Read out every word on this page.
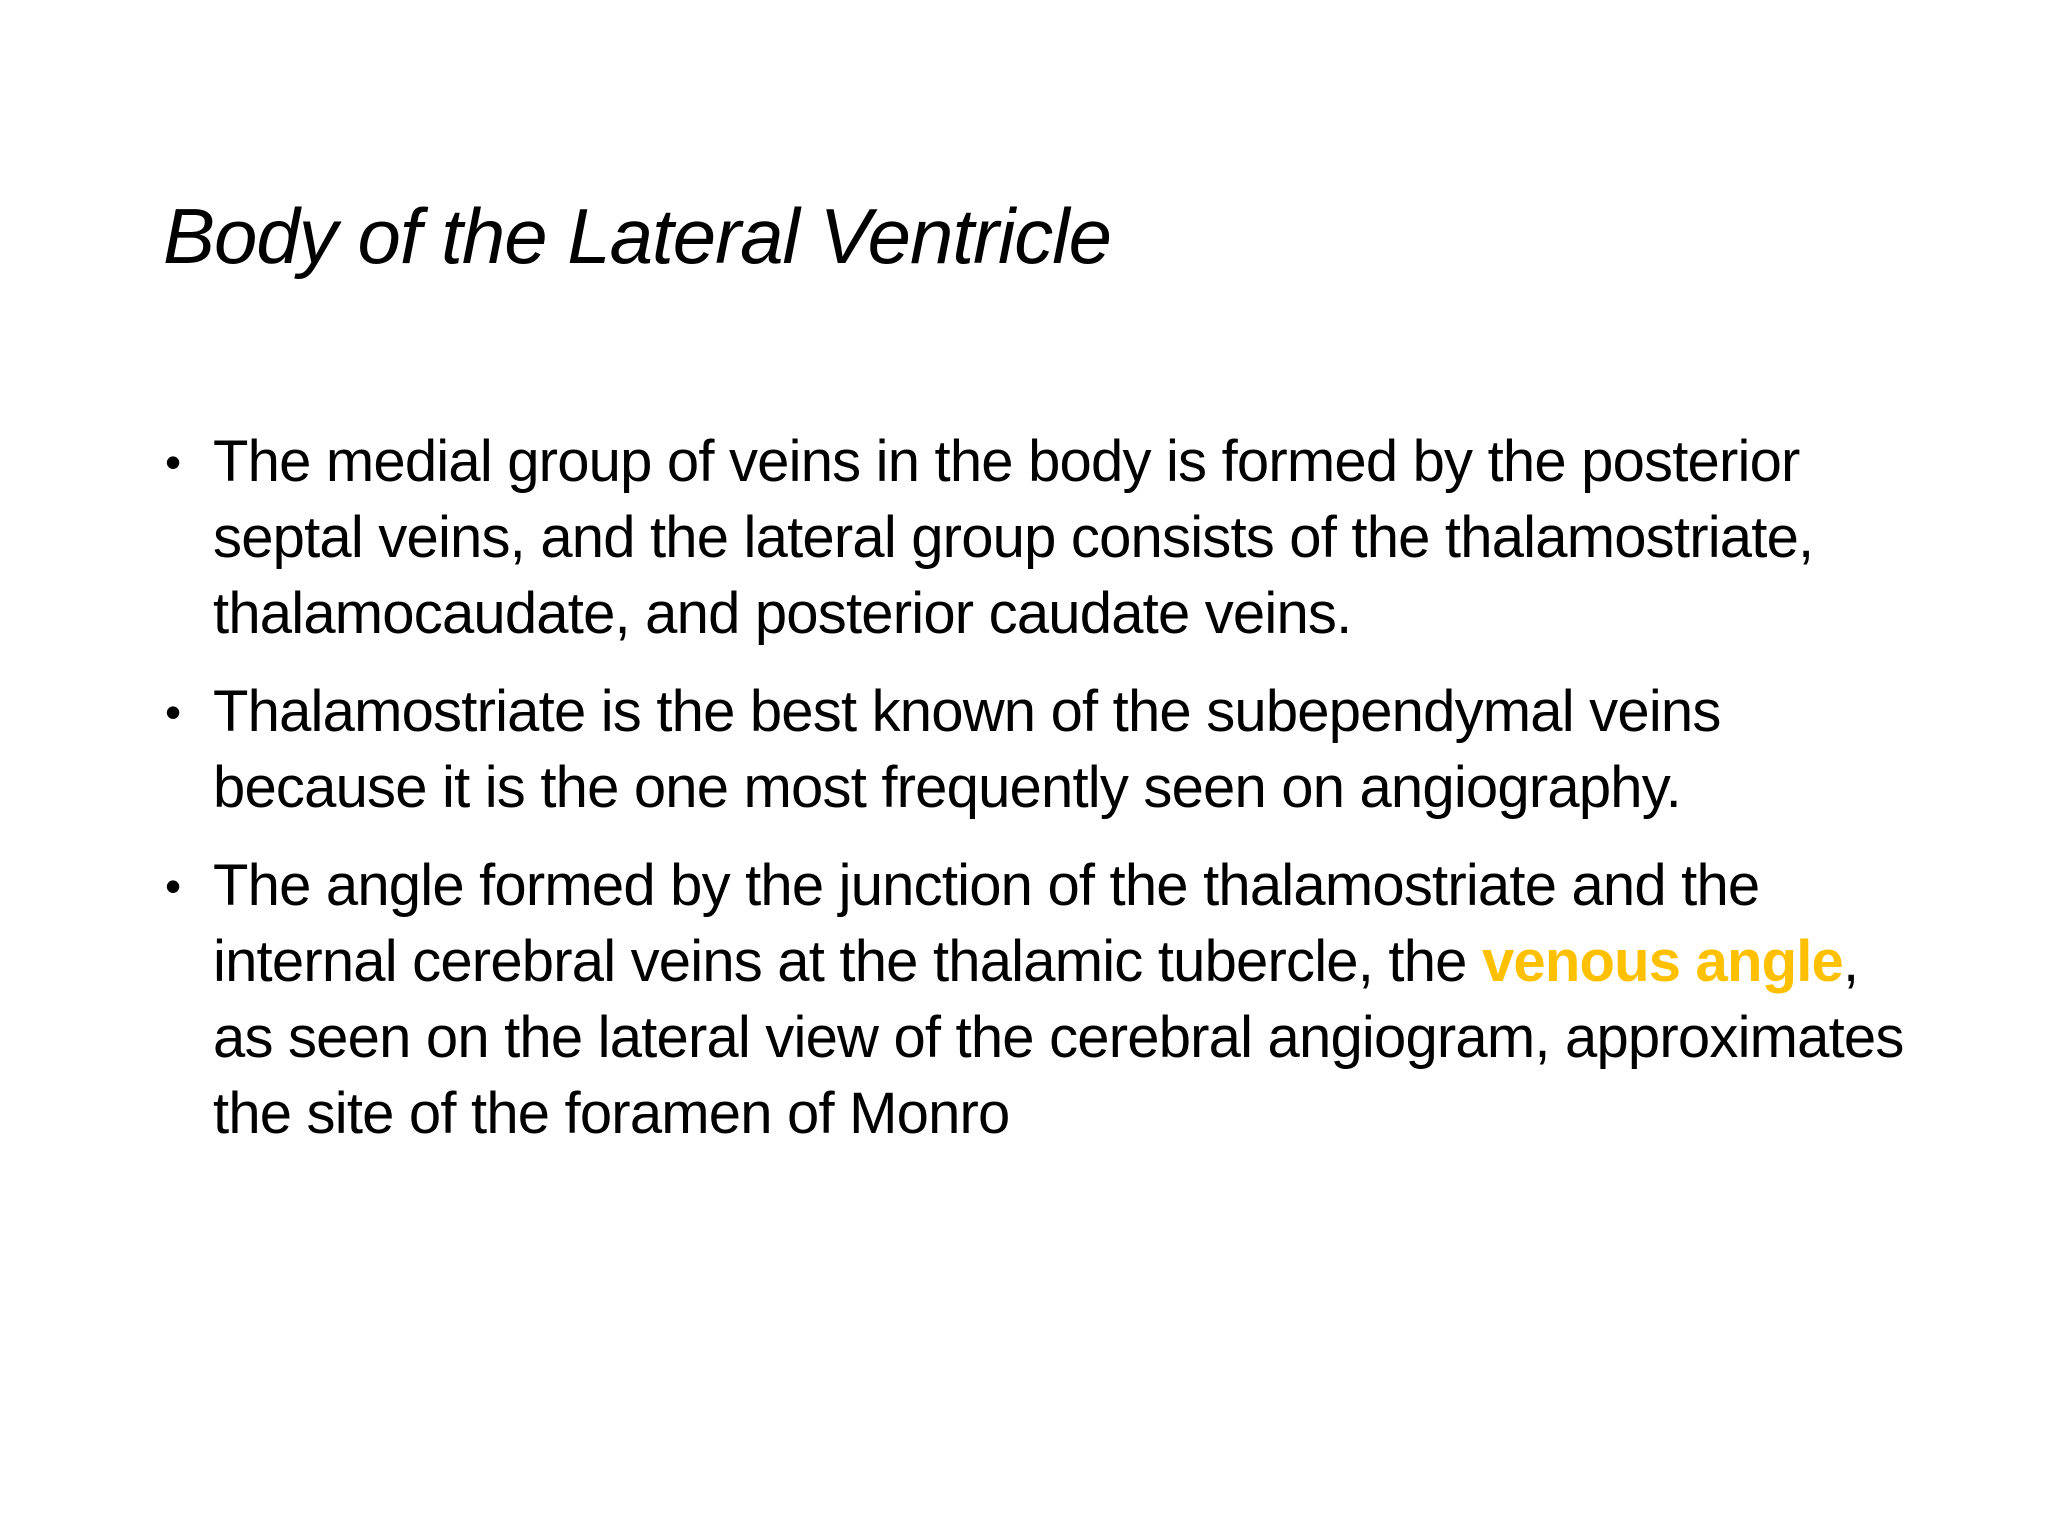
Body of the Lateral Ventricle
• The medial group of veins in the body is formed by the posterior septal veins, and the lateral group consists of the thalamostriate, thalamocaudate, and posterior caudate veins.
• Thalamostriate is the best known of the subependymal veins because it is the one most frequently seen on angiography.
• The angle formed by the junction of the thalamostriate and the internal cerebral veins at the thalamic tubercle, the venous angle, as seen on the lateral view of the cerebral angiogram, approximates the site of the foramen of Monro
